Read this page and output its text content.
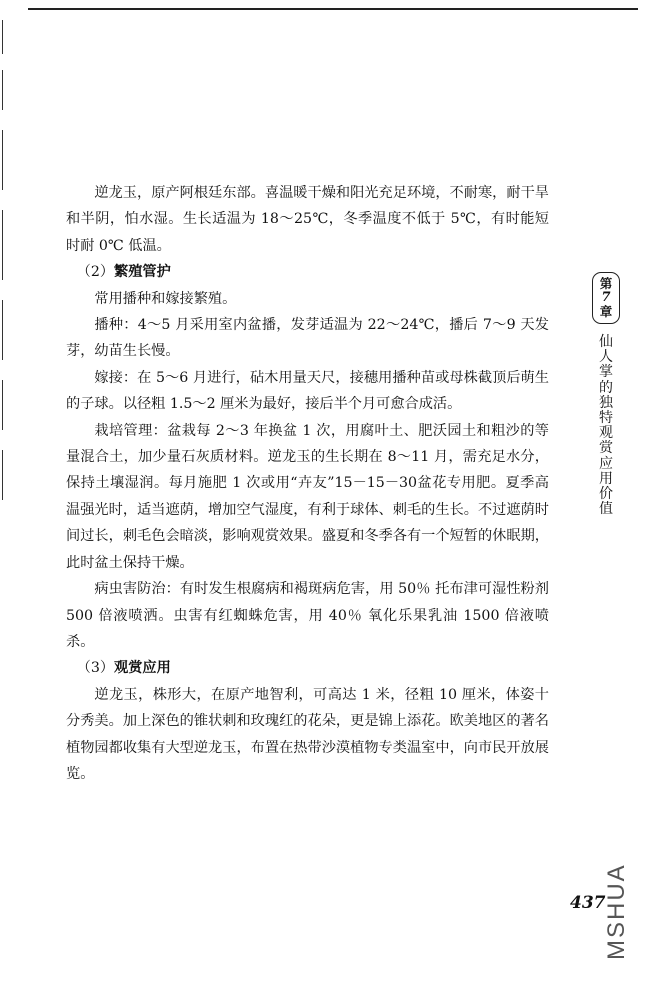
逆龙玉，原产阿根廷东部。喜温暖干燥和阳光充足环境，不耐寒，耐干旱和半阴，怕水湿。生长适温为 18～25℃，冬季温度不低于 5℃，有时能短时耐 0℃ 低温。

（2）繁殖管护

常用播种和嫁接繁殖。

播种：4～5 月采用室内盆播，发芽适温为 22～24℃，播后 7～9 天发芽，幼苗生长慢。

嫁接：在 5～6 月进行，砧木用量天尺，接穗用播种苗或母株截顶后萌生的子球。以径粗 1.5～2 厘米为最好，接后半个月可愈合成活。

栽培管理：盆栽每 2～3 年换盆 1 次，用腐叶土、肥沃园土和粗沙的等量混合土，加少量石灰质材料。逆龙玉的生长期在 8～11 月，需充足水分，保持土壤湿润。每月施肥 1 次或用“卉友”15－15－30盆花专用肥。夏季高温强光时，适当遮荫，增加空气湿度，有利于球体、刺毛的生长。不过遮荫时间过长，刺毛色会暗淡，影响观赏效果。盛夏和冬季各有一个短暂的休眠期，此时盆土保持干燥。

病虫害防治：有时发生根腐病和褐斑病危害，用 50％ 托布津可湿性粉剂 500 倍液喷洒。虫害有红蜘蛛危害，用 40％ 氧化乐果乳油 1500 倍液喷杀。

（3）观赏应用

逆龙玉，株形大，在原产地智利，可高达 1 米，径粗 10 厘米，体姿十分秀美。加上深色的锥状刺和玫瑰红的花朵，更是锦上添花。欧美地区的著名植物园都收集有大型逆龙玉，布置在热带沙漠植物专类温室中，向市民开放展览。

第
7
章
仙人掌的独特观赏应用价值
437
MSHUA
